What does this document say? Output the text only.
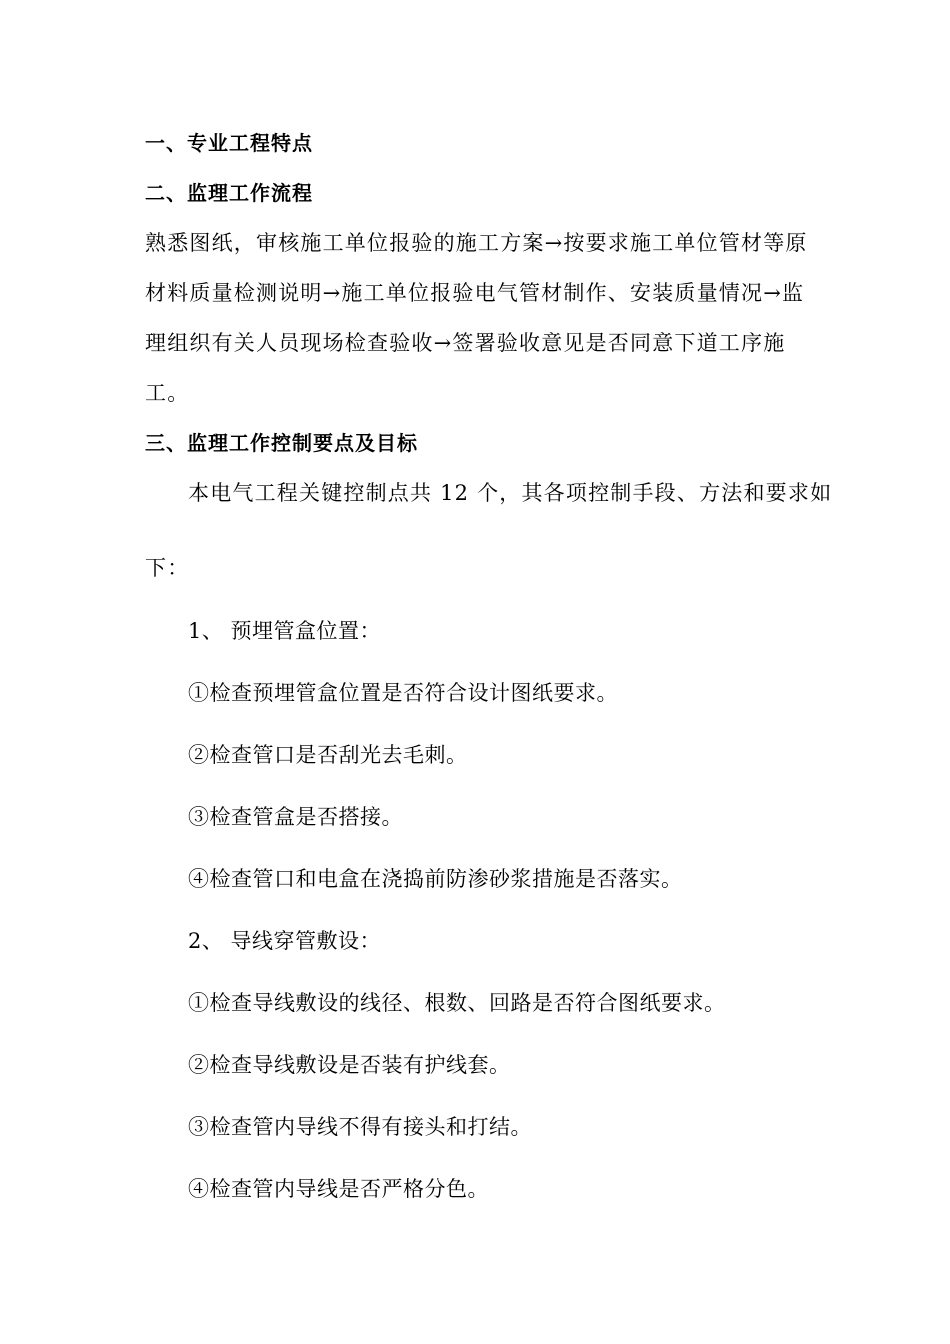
一、专业工程特点
二、监理工作流程
熟悉图纸，审核施工单位报验的施工方案→按要求施工单位管材等原
材料质量检测说明→施工单位报验电气管材制作、安装质量情况→监
理组织有关人员现场检查验收→签署验收意见是否同意下道工序施
工。
三、监理工作控制要点及目标
本电气工程关键控制点共 12 个，其各项控制手段、方法和要求如
下：
1、 预埋管盒位置：
①检查预埋管盒位置是否符合设计图纸要求。
②检查管口是否刮光去毛刺。
③检查管盒是否搭接。
④检查管口和电盒在浇捣前防渗砂浆措施是否落实。
2、 导线穿管敷设：
①检查导线敷设的线径、根数、回路是否符合图纸要求。
②检查导线敷设是否装有护线套。
③检查管内导线不得有接头和打结。
④检查管内导线是否严格分色。
